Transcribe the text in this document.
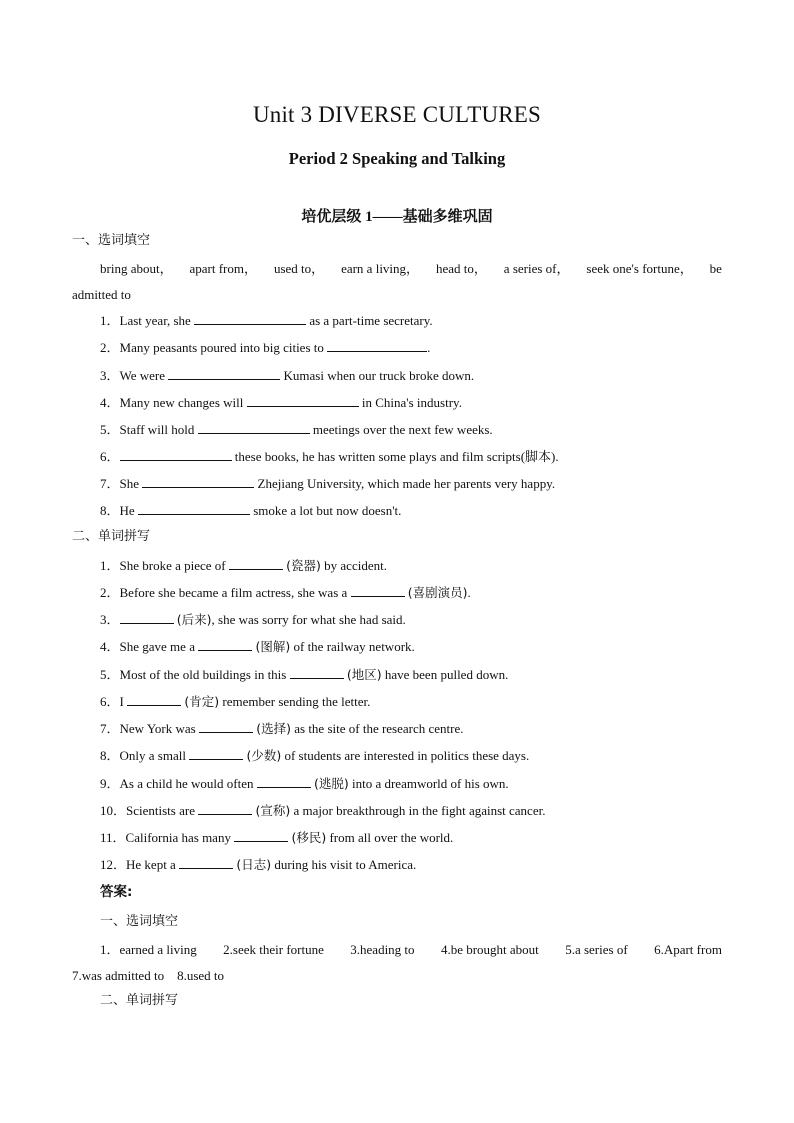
Unit 3 DIVERSE CULTURES
Period 2 Speaking and Talking
培优层级 1——基础多维巩固
一、选词填空
bring about， apart from， used to， earn a living， head to， a series of， seek one's fortune， be
admitted to
1．Last year, she	as a part-time secretary.
2．Many peasants poured into big cities to	.
3．We were	Kumasi when our truck broke down.
4．Many new changes will	in China's industry.
5．Staff will hold	meetings over the next few weeks.
6．	these books, he has written some plays and film scripts(脚本).
7．She	Zhejiang University, which made her parents very happy.
8．He	smoke a lot but now doesn't.
二、单词拼写
1．She broke a piece of	(瓷器) by accident.
2．Before she became a film actress, she was a	(喜剧演员).
3．	(后来), she was sorry for what she had said.
4．She gave me a	(图解) of the railway network.
5．Most of the old buildings in this	(地区) have been pulled down.
6．I	(肯定) remember sending the letter.
7．New York was	(选择) as the site of the research centre.
8．Only a small	(少数) of students are interested in politics these days.
9．As a child he would often	(逃脱) into a dreamworld of his own.
10．Scientists are	(宣称) a major breakthrough in the fight against cancer.
11．California has many	(移民) from all over the world.
12．He kept a	(日志) during his visit to America.
答案:
一、选词填空
1．earned a living 2.seek their fortune 3.heading to 4.be brought about 5.a series of 6.Apart from
7.was admitted to　8.used to
二、单词拼写
